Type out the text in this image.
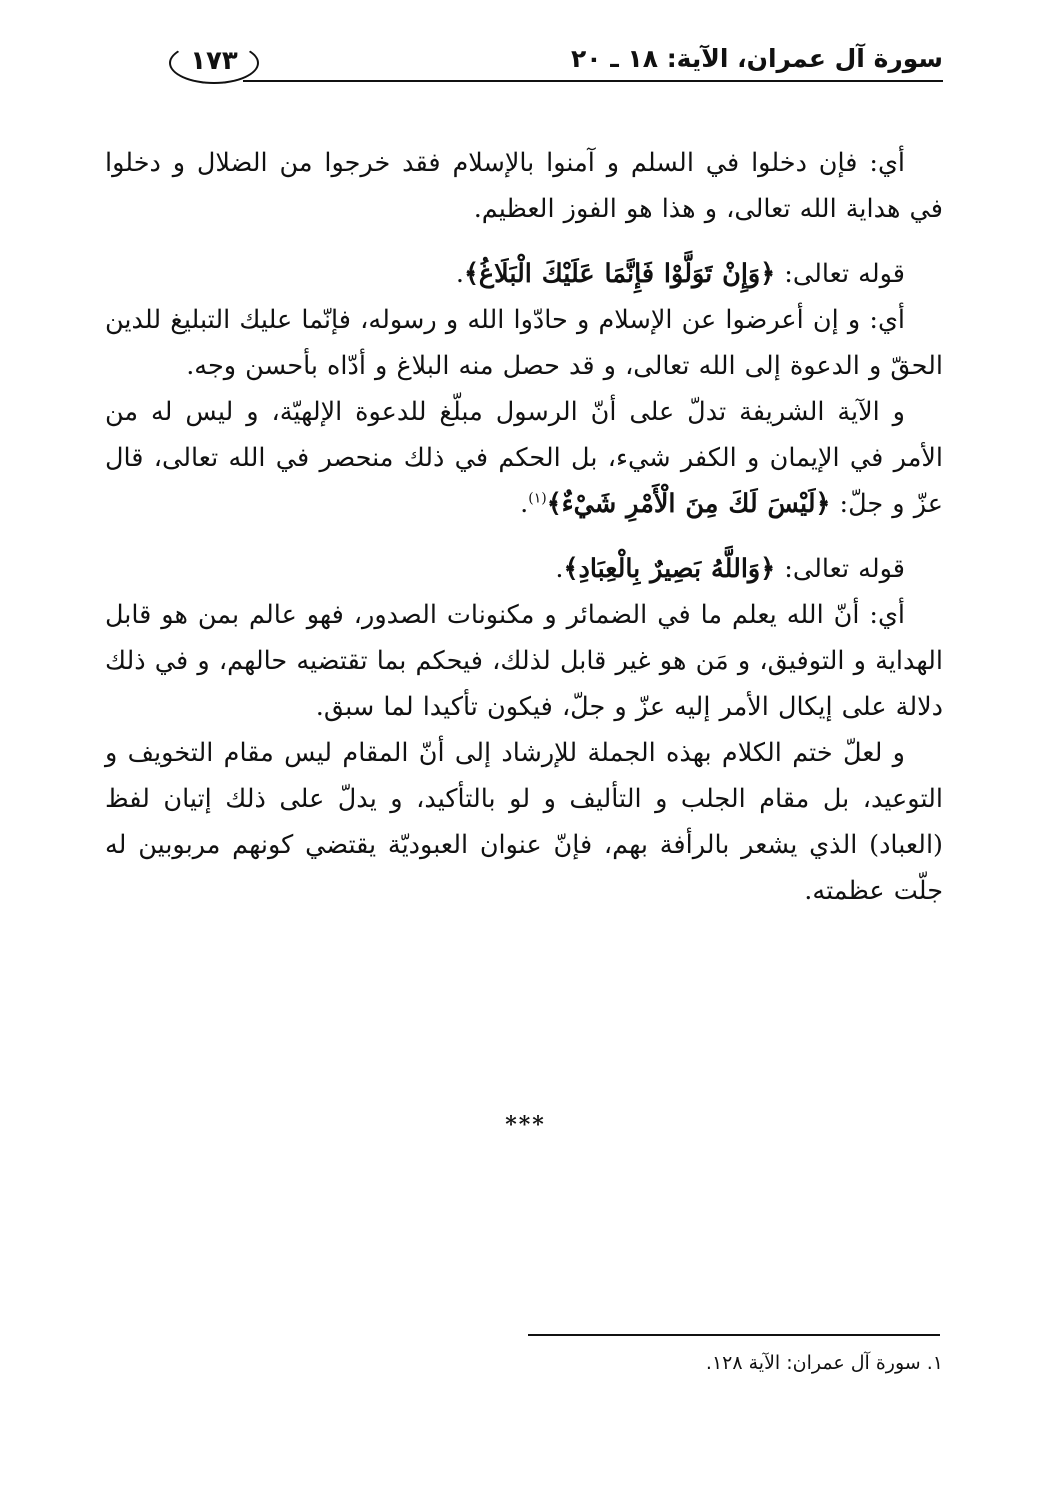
سورة آل عمران، الآية: ١٨ ـ ٢٠
١٧٣

أي: فإن دخلوا في السلم و آمنوا بالإسلام فقد خرجوا من الضلال و دخلوا في هداية الله تعالى، و هذا هو الفوز العظيم.

قوله تعالى: ﴿وَإِنْ تَوَلَّوْا فَإِنَّمَا عَلَيْكَ الْبَلَاغُ﴾.

أي: و إن أعرضوا عن الإسلام و حادّوا الله و رسوله، فإنّما عليك التبليغ للدين الحقّ و الدعوة إلى الله تعالى، و قد حصل منه البلاغ و أدّاه بأحسن وجه.

و الآية الشريفة تدلّ على أنّ الرسول مبلّغ للدعوة الإلهيّة، و ليس له من الأمر في الإيمان و الكفر شيء، بل الحكم في ذلك منحصر في الله تعالى، قال عزّ و جلّ: ﴿لَيْسَ لَكَ مِنَ الْأَمْرِ شَيْءٌ﴾$^{(١)}$.

قوله تعالى: ﴿وَاللَّهُ بَصِيرٌ بِالْعِبَادِ﴾.

أي: أنّ الله يعلم ما في الضمائر و مكنونات الصدور، فهو عالم بمن هو قابل الهداية و التوفيق، و مَن هو غير قابل لذلك، فيحكم بما تقتضيه حالهم، و في ذلك دلالة على إيكال الأمر إليه عزّ و جلّ، فيكون تأكيدا لما سبق.

و لعلّ ختم الكلام بهذه الجملة للإرشاد إلى أنّ المقام ليس مقام التخويف و التوعيد، بل مقام الجلب و التأليف و لو بالتأكيد، و يدلّ على ذلك إتيان لفظ (العباد) الذي يشعر بالرأفة بهم، فإنّ عنوان العبوديّة يقتضي كونهم مربوبين له جلّت عظمته.

***
١. سورة آل عمران: الآية ١٢٨.
